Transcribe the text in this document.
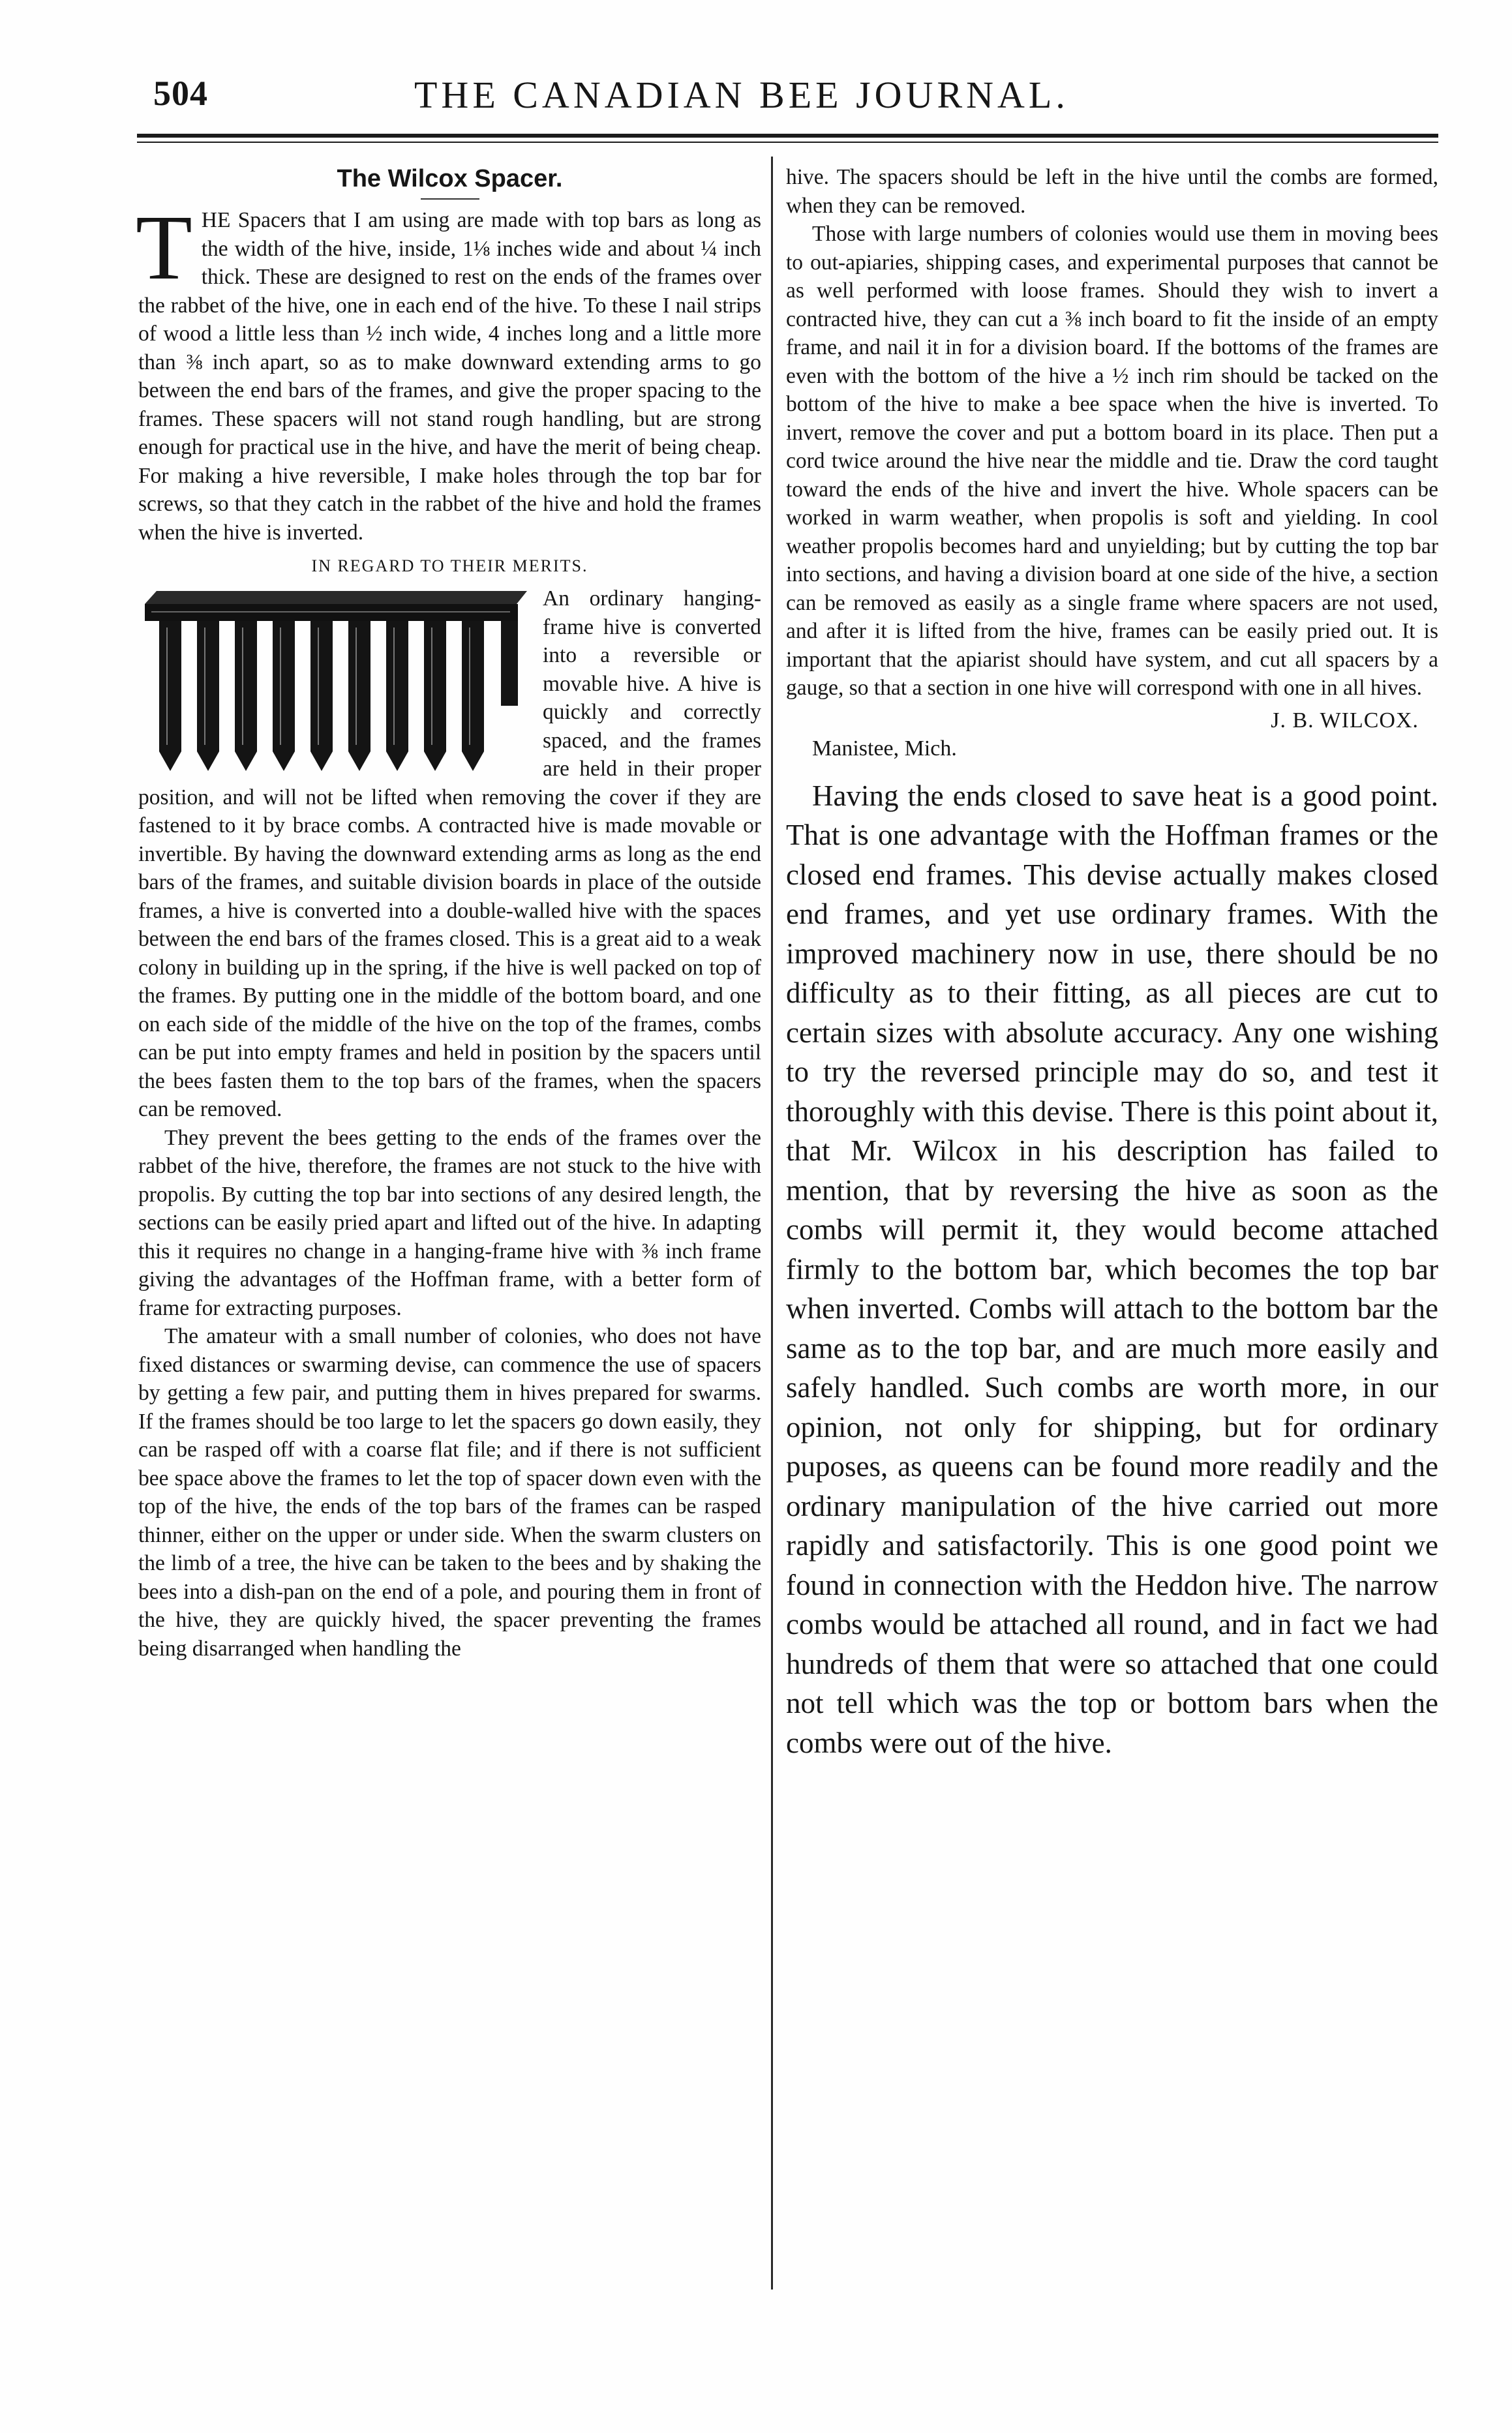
504	THE CANADIAN BEE JOURNAL.
The Wilcox Spacer.

THE Spacers that I am using are made with top bars as long as the width of the hive, inside, 1⅛ inches wide and about ¼ inch thick. These are designed to rest on the ends of the frames over the rabbet of the hive, one in each end of the hive. To these I nail strips of wood a little less than ½ inch wide, 4 inches long and a little more than ⅜ inch apart, so as to make downward extending arms to go between the end bars of the frames, and give the proper spacing to the frames. These spacers will not stand rough handling, but are strong enough for practical use in the hive, and have the merit of being cheap. For making a hive reversible, I make holes through the top bar for screws, so that they catch in the rabbet of the hive and hold the frames when the hive is inverted.

IN REGARD TO THEIR MERITS.

An ordinary hanging-frame hive is converted into a reversible or movable hive. A hive is quickly and correctly spaced, and the frames are held in their proper position, and will not be lifted when removing the cover if they are fastened to it by brace combs. A contracted hive is made movable or invertible. By having the downward extending arms as long as the end bars of the frames, and suitable division boards in place of the outside frames, a hive is converted into a double-walled hive with the spaces between the end bars of the frames closed. This is a great aid to a weak colony in building up in the spring, if the hive is well packed on top of the frames. By putting one in the middle of the bottom board, and one on each side of the middle of the hive on the top of the frames, combs can be put into empty frames and held in position by the spacers until the bees fasten them to the top bars of the frames, when the spacers can be removed.

They prevent the bees getting to the ends of the frames over the rabbet of the hive, therefore, the frames are not stuck to the hive with propolis. By cutting the top bar into sections of any desired length, the sections can be easily pried apart and lifted out of the hive. In adapting this it requires no change in a hanging-frame hive with ⅜ inch frame giving the advantages of the Hoffman frame, with a better form of frame for extracting purposes.

The amateur with a small number of colonies, who does not have fixed distances or swarming devise, can commence the use of spacers by getting a few pair, and putting them in hives prepared for swarms. If the frames should be too large to let the spacers go down easily, they can be rasped off with a coarse flat file; and if there is not sufficient bee space above the frames to let the top of spacer down even with the top of the hive, the ends of the top bars of the frames can be rasped thinner, either on the upper or under side. When the swarm clusters on the limb of a tree, the hive can be taken to the bees and by shaking the bees into a dish-pan on the end of a pole, and pouring them in front of the hive, they are quickly hived, the spacer preventing the frames being disarranged when handling the

hive. The spacers should be left in the hive until the combs are formed, when they can be removed.

Those with large numbers of colonies would use them in moving bees to out-apiaries, shipping cases, and experimental purposes that cannot be as well performed with loose frames. Should they wish to invert a contracted hive, they can cut a ⅜ inch board to fit the inside of an empty frame, and nail it in for a division board. If the bottoms of the frames are even with the bottom of the hive a ½ inch rim should be tacked on the bottom of the hive to make a bee space when the hive is inverted. To invert, remove the cover and put a bottom board in its place. Then put a cord twice around the hive near the middle and tie. Draw the cord taught toward the ends of the hive and invert the hive. Whole spacers can be worked in warm weather, when propolis is soft and yielding. In cool weather propolis becomes hard and unyielding; but by cutting the top bar into sections, and having a division board at one side of the hive, a section can be removed as easily as a single frame where spacers are not used, and after it is lifted from the hive, frames can be easily pried out. It is important that the apiarist should have system, and cut all spacers by a gauge, so that a section in one hive will correspond with one in all hives.

J. B. WILCOX.
Manistee, Mich.

Having the ends closed to save heat is a good point. That is one advantage with the Hoffman frames or the closed end frames. This devise actually makes closed end frames, and yet use ordinary frames. With the improved machinery now in use, there should be no difficulty as to their fitting, as all pieces are cut to certain sizes with absolute accuracy. Any one wishing to try the reversed principle may do so, and test it thoroughly with this devise. There is this point about it, that Mr. Wilcox in his description has failed to mention, that by reversing the hive as soon as the combs will permit it, they would become attached firmly to the bottom bar, which becomes the top bar when inverted. Combs will attach to the bottom bar the same as to the top bar, and are much more easily and safely handled. Such combs are worth more, in our opinion, not only for shipping, but for ordinary puposes, as queens can be found more readily and the ordinary manipulation of the hive carried out more rapidly and satisfactorily. This is one good point we found in connection with the Heddon hive. The narrow combs would be attached all round, and in fact we had hundreds of them that were so attached that one could not tell which was the top or bottom bars when the combs were out of the hive.
